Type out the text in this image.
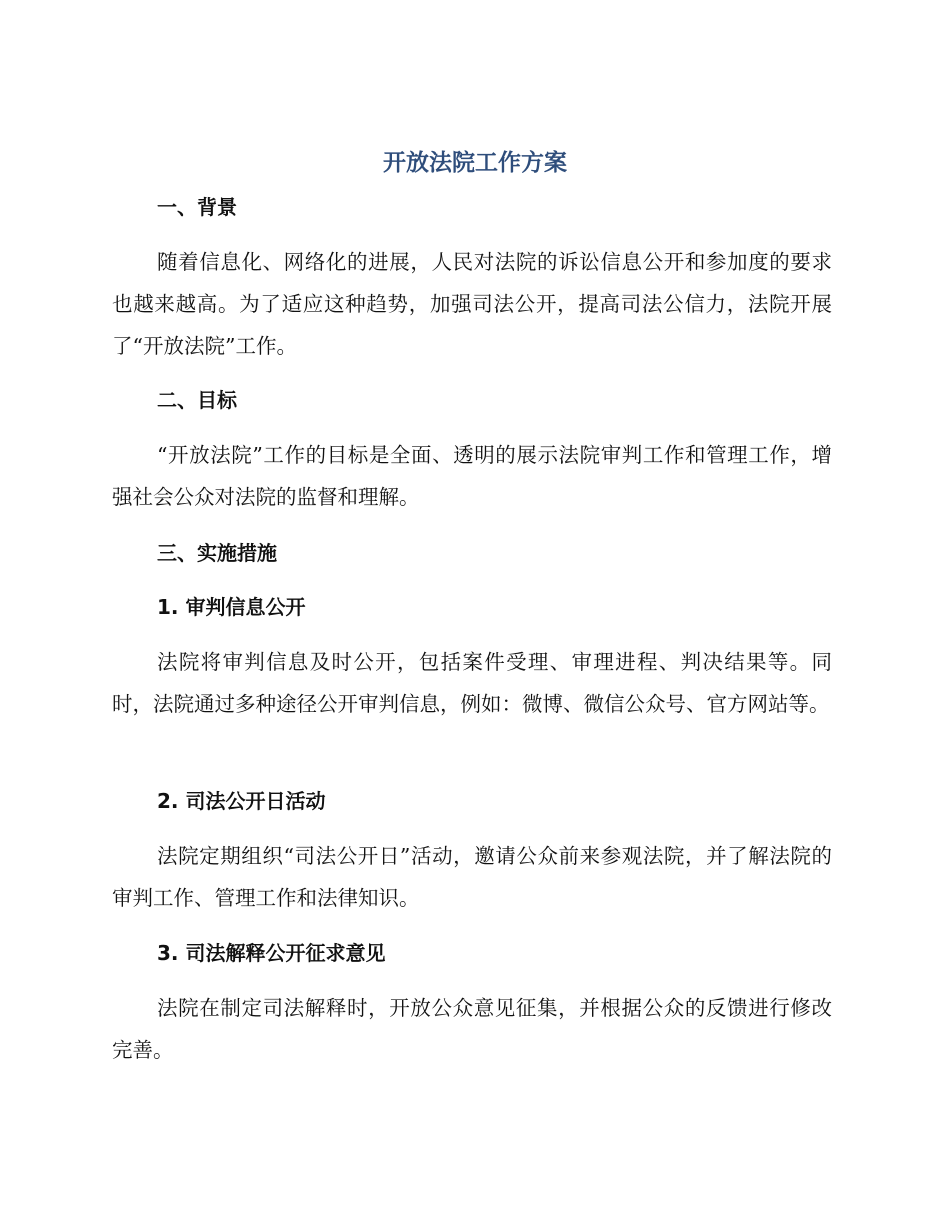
开放法院工作方案
一、背景

随着信息化、网络化的进展，人民对法院的诉讼信息公开和参加度的要求也越来越高。为了适应这种趋势，加强司法公开，提高司法公信力，法院开展了“开放法院”工作。

二、目标

“开放法院”工作的目标是全面、透明的展示法院审判工作和管理工作，增强社会公众对法院的监督和理解。

三、实施措施
1. 审判信息公开

法院将审判信息及时公开，包括案件受理、审理进程、判决结果等。同时，法院通过多种途径公开审判信息，例如：微博、微信公众号、官方网站等。

2. 司法公开日活动

法院定期组织“司法公开日”活动，邀请公众前来参观法院，并了解法院的审判工作、管理工作和法律知识。

3. 司法解释公开征求意见

法院在制定司法解释时，开放公众意见征集，并根据公众的反馈进行修改完善。
